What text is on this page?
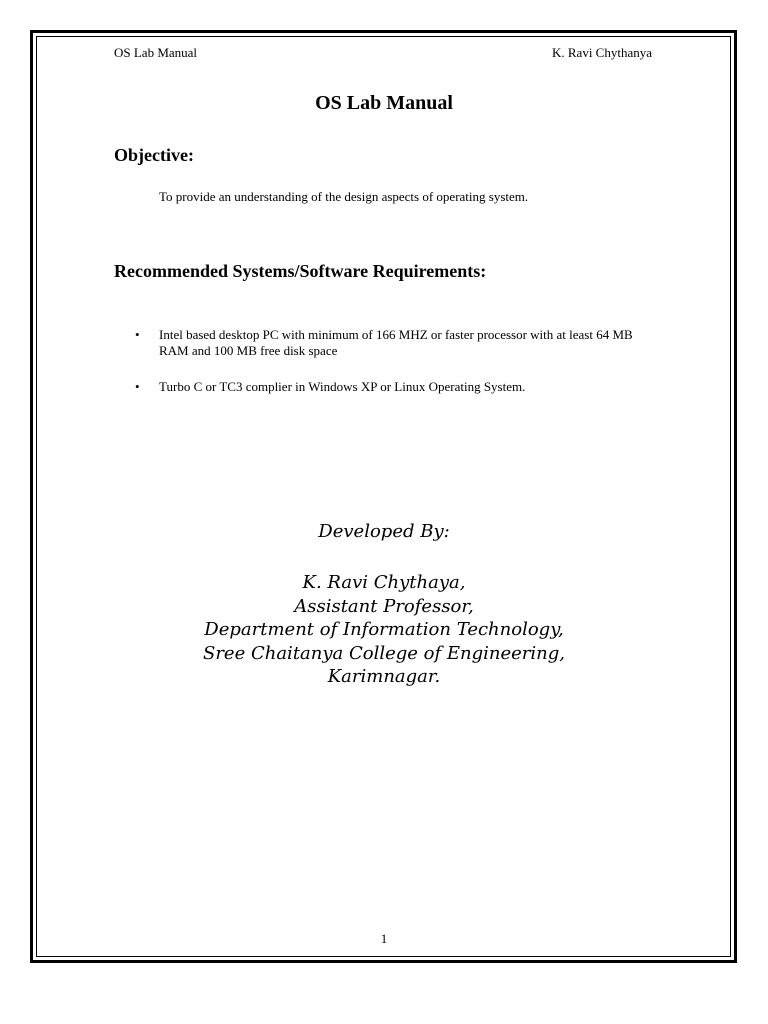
OS Lab Manual	K. Ravi Chythanya
OS Lab Manual
Objective:
To provide an understanding of the design aspects of operating system.
Recommended Systems/Software Requirements:
• Intel based desktop PC with minimum of 166 MHZ or faster processor with at least 64 MB RAM and 100 MB free disk space
• Turbo C or TC3 complier in Windows XP or Linux Operating System.
Developed By:
K. Ravi Chythaya,
Assistant Professor,
Department of Information Technology,
Sree Chaitanya College of Engineering,
Karimnagar.
1
